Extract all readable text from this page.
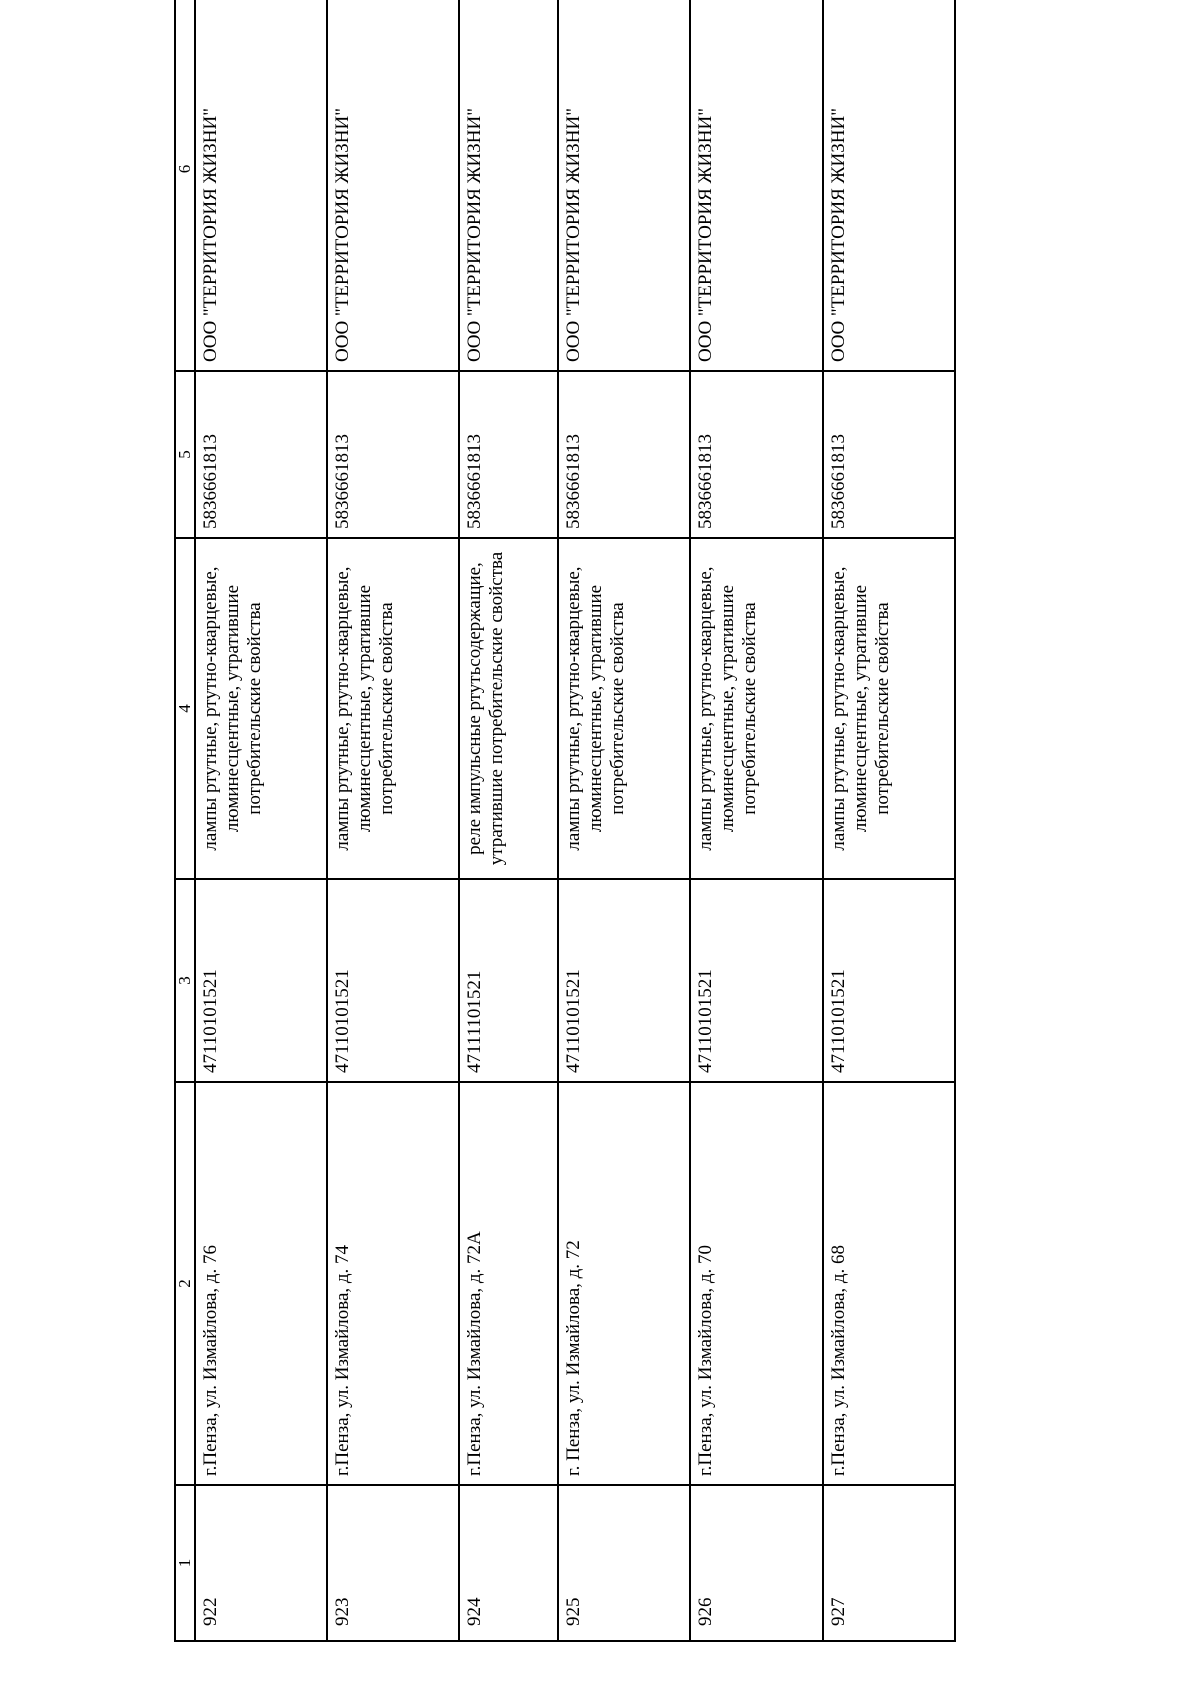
1	2	3	4	5	6	
922	г.Пенза, ул. Измайлова, д. 76	47110101521	лампы ртутные, ртутно-кварцевые, люминесцентные, утратившие потребительские свойства	5836661813	ООО "ТЕРРИТОРИЯ ЖИЗНИ"	
923	г.Пенза, ул. Измайлова, д. 74	47110101521	лампы ртутные, ртутно-кварцевые, люминесцентные, утратившие потребительские свойства	5836661813	ООО "ТЕРРИТОРИЯ ЖИЗНИ"	
924	г.Пенза, ул. Измайлова, д. 72А	47111101521	реле импульсные ртутьсодержащие, утратившие потребительские свойства	5836661813	ООО "ТЕРРИТОРИЯ ЖИЗНИ"	
925	г. Пенза, ул. Измайлова, д. 72	47110101521	лампы ртутные, ртутно-кварцевые, люминесцентные, утратившие потребительские свойства	5836661813	ООО "ТЕРРИТОРИЯ ЖИЗНИ"	
926	г.Пенза, ул. Измайлова, д. 70	47110101521	лампы ртутные, ртутно-кварцевые, люминесцентные, утратившие потребительские свойства	5836661813	ООО "ТЕРРИТОРИЯ ЖИЗНИ"	
927	г.Пенза, ул. Измайлова, д. 68	47110101521	лампы ртутные, ртутно-кварцевые, люминесцентные, утратившие потребительские свойства	5836661813	ООО "ТЕРРИТОРИЯ ЖИЗНИ"	
